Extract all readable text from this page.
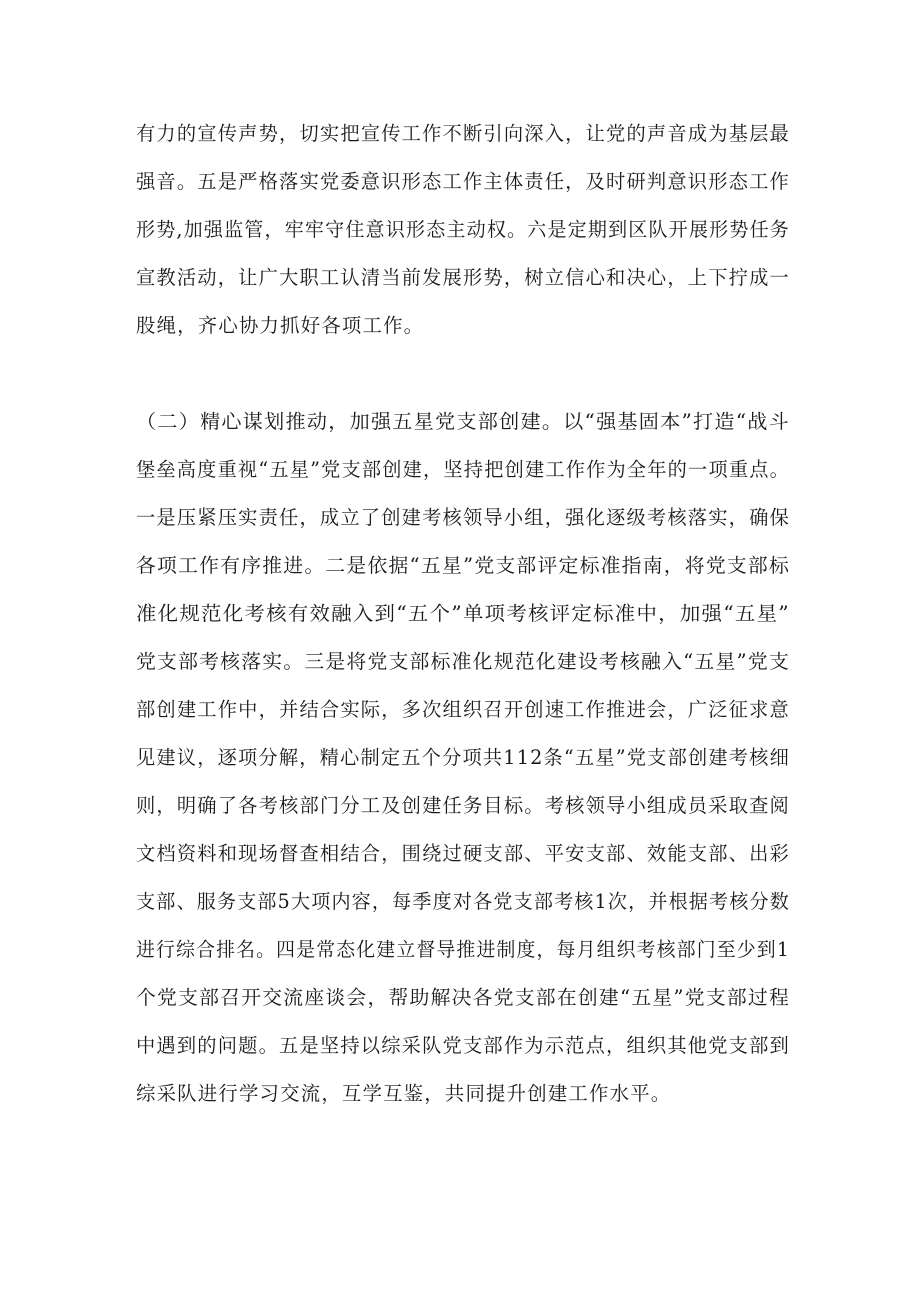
有力的宣传声势，切实把宣传工作不断引向深入，让党的声音成为基层最

强音。五是严格落实党委意识形态工作主体责任，及时研判意识形态工作

形势,加强监管，牢牢守住意识形态主动权。六是定期到区队开展形势任务

宣教活动，让广大职工认清当前发展形势，树立信心和决心，上下拧成一

股绳，齐心协力抓好各项工作。

（二）精心谋划推动，加强五星党支部创建。以“强基固本”打造“战斗

堡垒高度重视“五星”党支部创建，坚持把创建工作作为全年的一项重点。

一是压紧压实责任，成立了创建考核领导小组，强化逐级考核落实，确保

各项工作有序推进。二是依据“五星”党支部评定标准指南，将党支部标

准化规范化考核有效融入到“五个”单项考核评定标准中，加强“五星”

党支部考核落实。三是将党支部标准化规范化建设考核融入“五星”党支

部创建工作中，并结合实际，多次组织召开创速工作推进会，广泛征求意

见建议，逐项分解，精心制定五个分项共112条“五星”党支部创建考核细

则，明确了各考核部门分工及创建任务目标。考核领导小组成员采取查阅

文档资料和现场督查相结合，围绕过硬支部、平安支部、效能支部、出彩

支部、服务支部5大项内容，每季度对各党支部考核1次，并根据考核分数

进行综合排名。四是常态化建立督导推进制度，每月组织考核部门至少到1

个党支部召开交流座谈会，帮助解决各党支部在创建“五星”党支部过程

中遇到的问题。五是坚持以综采队党支部作为示范点，组织其他党支部到

综采队进行学习交流，互学互鉴，共同提升创建工作水平。
